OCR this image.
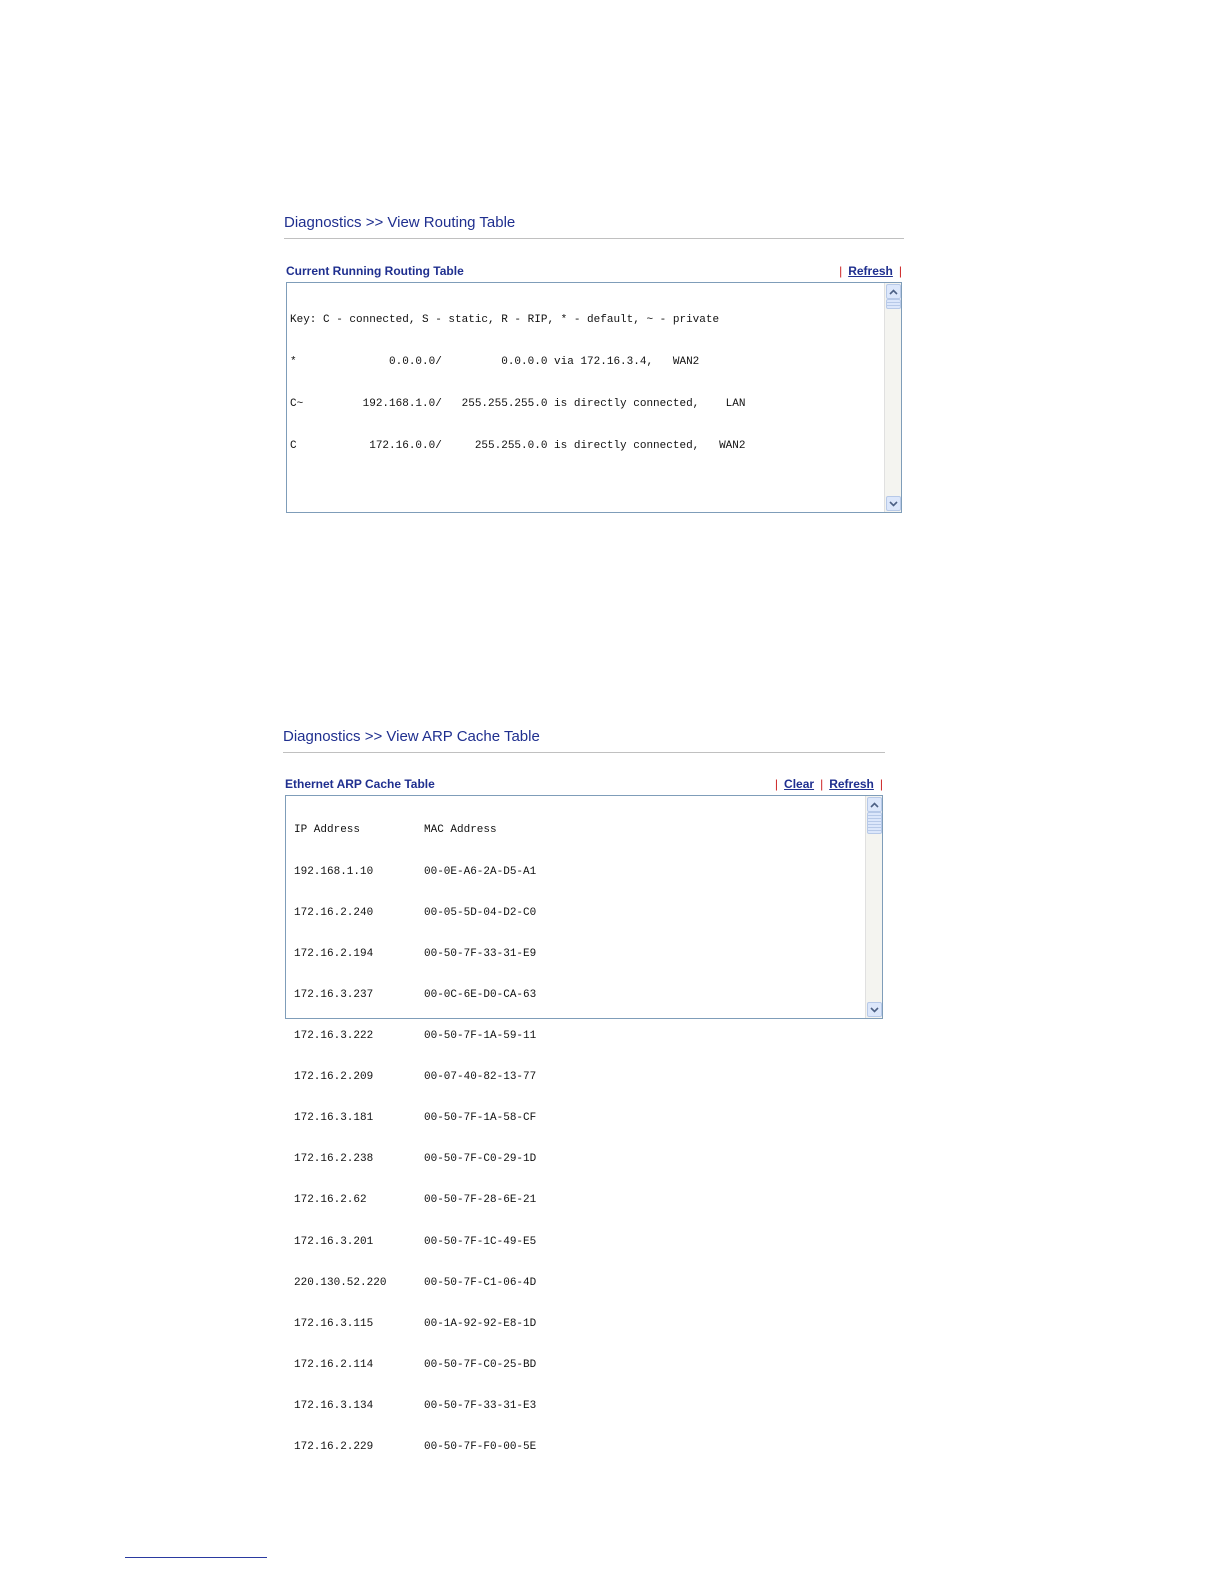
Diagnostics >> View Routing Table
Current Running Routing Table	| Refresh |

Key: C - connected, S - static, R - RIP, * - default, ~ - private

*              0.0.0.0/         0.0.0.0 via 172.16.3.4,   WAN2

C~         192.168.1.0/   255.255.255.0 is directly connected,    LAN

C           172.16.0.0/     255.255.0.0 is directly connected,   WAN2

Diagnostics >> View ARP Cache Table
Ethernet ARP Cache Table	| Clear | Refresh |

IP Address	MAC Address

192.168.1.10	00-0E-A6-2A-D5-A1

172.16.2.240	00-05-5D-04-D2-C0

172.16.2.194	00-50-7F-33-31-E9

172.16.3.237	00-0C-6E-D0-CA-63

172.16.3.222	00-50-7F-1A-59-11

172.16.2.209	00-07-40-82-13-77

172.16.3.181	00-50-7F-1A-58-CF

172.16.2.238	00-50-7F-C0-29-1D

172.16.2.62	00-50-7F-28-6E-21

172.16.3.201	00-50-7F-1C-49-E5

220.130.52.220	00-50-7F-C1-06-4D

172.16.3.115	00-1A-92-92-E8-1D

172.16.2.114	00-50-7F-C0-25-BD

172.16.3.134	00-50-7F-33-31-E3

172.16.2.229	00-50-7F-F0-00-5E
